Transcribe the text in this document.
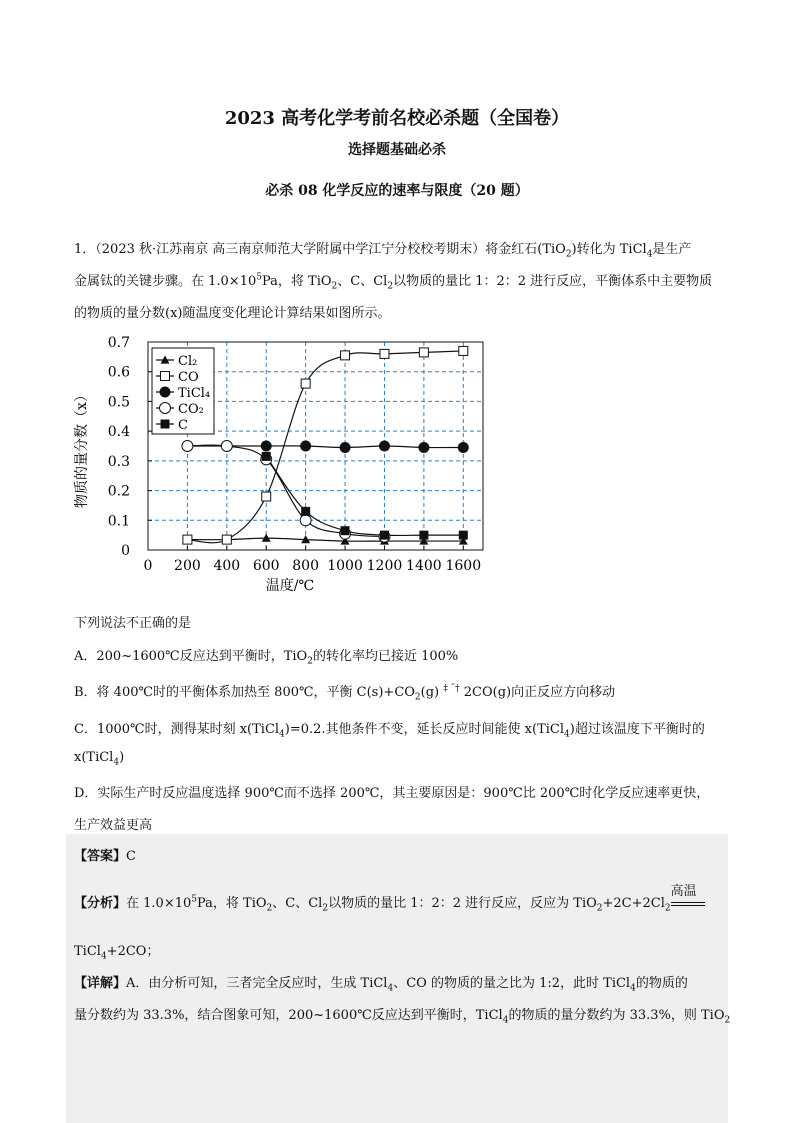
2023 高考化学考前名校必杀题（全国卷）
选择题基础必杀
必杀 08 化学反应的速率与限度（20 题）
1．（2023 秋·江苏南京 高三南京师范大学附属中学江宁分校校考期末）将金红石(TiO$_2$)转化为 TiCl$_4$是生产
金属钛的关键步骤。在 $1.0\times 10^5Pa$，将 TiO$_2$、C、$Cl_2$以物质的量比 1：2：2 进行反应，平衡体系中主要物质
的物质的量分数(x)随温度变化理论计算结果如图所示。
0 200 400 600 800 1000 1200 1400 1600
0
0.1
0.2
0.3
0.4
0.5
0.6
0.7
Cl₂
CO
TiCl₄
CO₂
C
物质的量分数（x）
温度/℃
下列说法不正确的是
A．200~1600℃反应达到平衡时，TiO$_2$的转化率均已接近 100%
B．将 400℃时的平衡体系加热至 800℃，平衡 $C(s)+CO_2(g)$ $^{\ddagger ˆ\dagger}$ 2CO(g)向正反应方向移动
C．1000℃时，测得某时刻 x(TiCl$_4$)=0.2.其他条件不变，延长反应时间能使 x(TiCl$_4$)超过该温度下平衡时的
x(TiCl$_4$)
D．实际生产时反应温度选择 900℃而不选择 200℃，其主要原因是：900℃比 200℃时化学反应速率更快，
生产效益更高
【答案】C
【分析】在 $1.0\times 10^5Pa$，将 TiO$_2$、C、$Cl_2$以物质的量比 1：2：2 进行反应，反应为 $TiO_2+2C+2Cl_2$
高温
TiCl$_4$+2CO；
【详解】A．由分析可知，三者完全反应时，生成 TiCl$_4$、CO 的物质的量之比为 1:2，此时 TiCl$_4$的物质的
量分数约为 33.3%，结合图象可知，200~1600℃反应达到平衡时，TiCl$_4$的物质的量分数约为 33.3%，则 TiO$_2$
